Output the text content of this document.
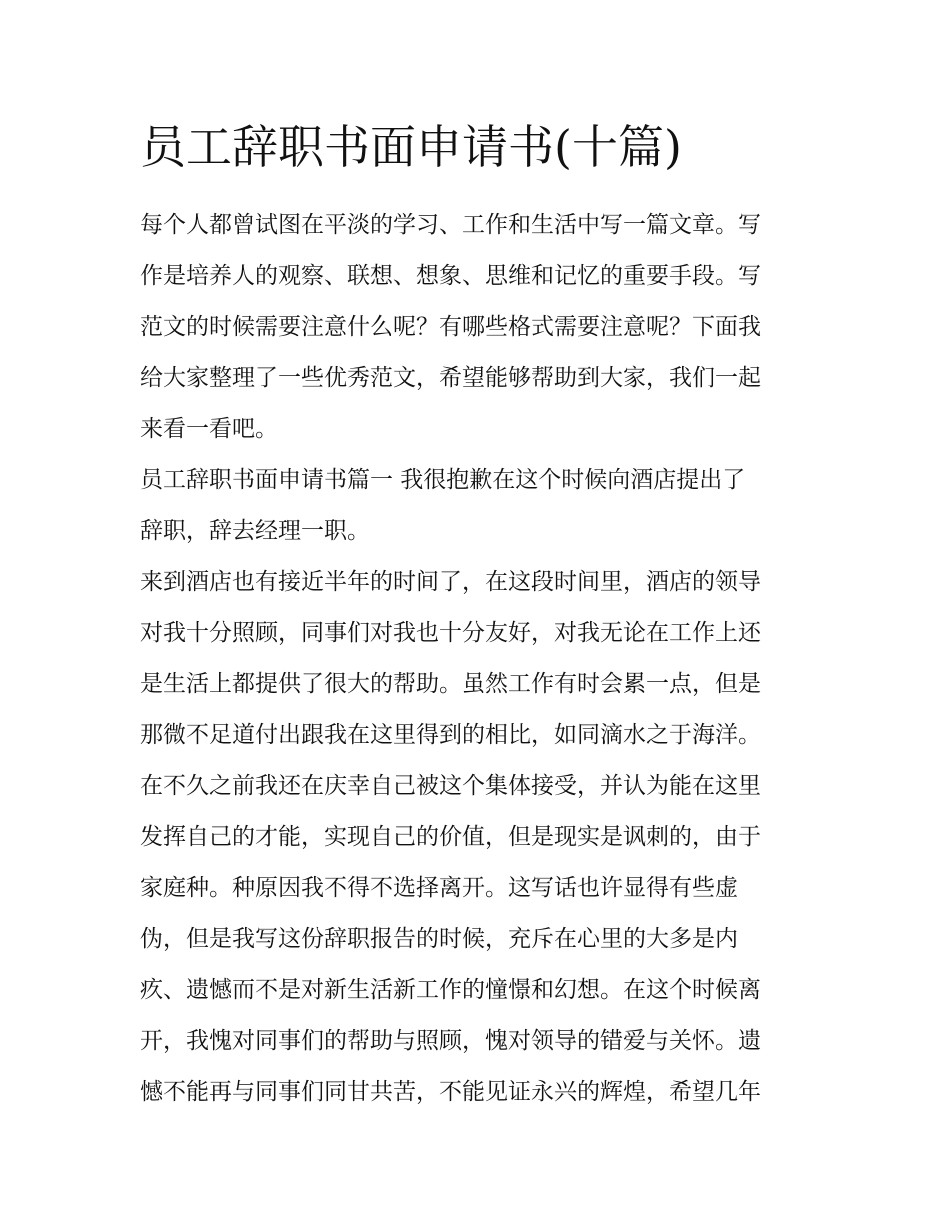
员工辞职书面申请书(十篇)
每个人都曾试图在平淡的学习、工作和生活中写一篇文章。写
作是培养人的观察、联想、想象、思维和记忆的重要手段。写
范文的时候需要注意什么呢？有哪些格式需要注意呢？下面我
给大家整理了一些优秀范文，希望能够帮助到大家，我们一起
来看一看吧。
员工辞职书面申请书篇一 我很抱歉在这个时候向酒店提出了
辞职，辞去经理一职。
来到酒店也有接近半年的时间了，在这段时间里，酒店的领导
对我十分照顾，同事们对我也十分友好，对我无论在工作上还
是生活上都提供了很大的帮助。虽然工作有时会累一点，但是
那微不足道付出跟我在这里得到的相比，如同滴水之于海洋。
在不久之前我还在庆幸自己被这个集体接受，并认为能在这里
发挥自己的才能，实现自己的价值，但是现实是讽刺的，由于
家庭种。种原因我不得不选择离开。这写话也许显得有些虚
伪，但是我写这份辞职报告的时候，充斥在心里的大多是内
疚、遗憾而不是对新生活新工作的憧憬和幻想。在这个时候离
开，我愧对同事们的帮助与照顾，愧对领导的错爱与关怀。遗
憾不能再与同事们同甘共苦，不能见证永兴的辉煌，希望几年
